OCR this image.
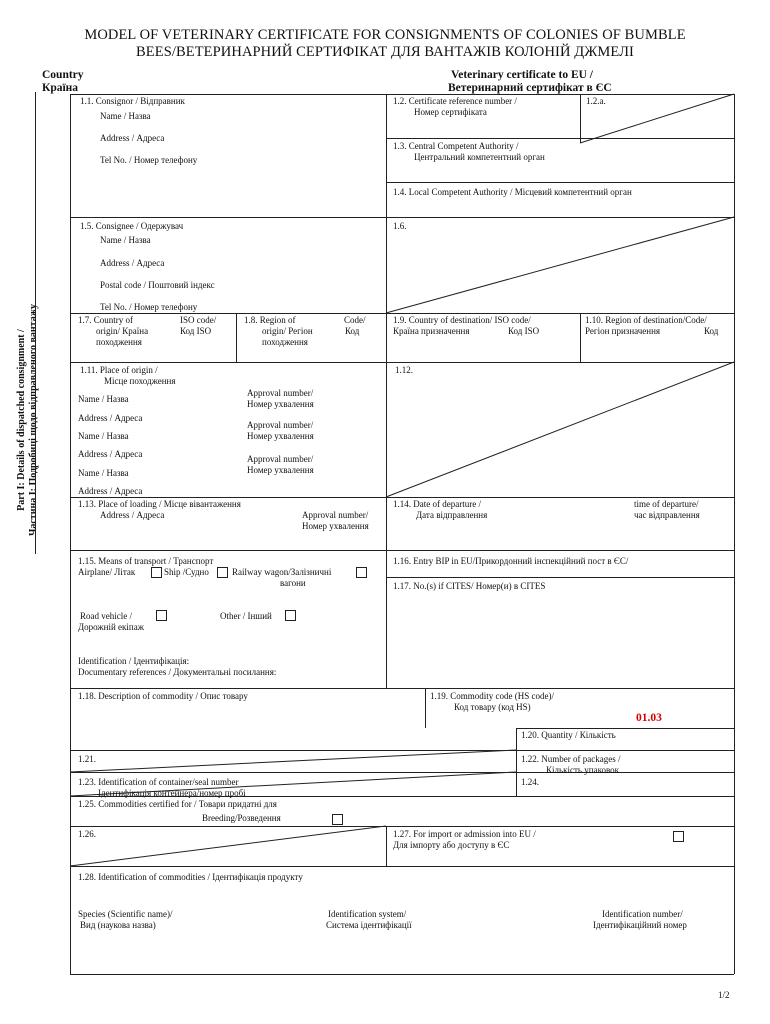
MODEL OF VETERINARY CERTIFICATE FOR CONSIGNMENTS OF COLONIES OF BUMBLE
BEES/ВЕТЕРИНАРНИЙ СЕРТИФІКАТ ДЛЯ ВАНТАЖІВ КОЛОНІЙ ДЖМЕЛІ
Country
Країна
Veterinary certificate to EU /
Ветеринарний сертифікат в ЄС
Part I: Details of dispatched consignment / Частина І: Подробиці щодо відправленого вантажу
1.1. Consignor / Відправник
Name / Назва
Address / Адреса
Tel No. / Номер телефону
1.2. Certificate reference number /
Номер сертифіката
1.2.a.
1.3. Central Competent Authority /
Центральний компетентний орган
1.4. Local Competent Authority / Місцевий компетентний орган
1.5. Consignee / Одержувач
Name / Назва
Address / Адреса
Postal code / Поштовий індекс
Tel No. / Номер телефону
1.6.
1.7. Country of
origin/ Країна
походження
ISO code/
Код ISO
1.8. Region of
origin/ Регіон
походження
Code/
Код
1.9. Country of destination/ ISO code/
Країна призначення	Код ISO
1.10. Region of destination/Code/
Регіон призначення	Код
1.11. Place of origin /
Місце походження
Name / Назва
Address / Адреса
Name / Назва
Address / Адреса
Name / Назва
Address / Адреса
Approval number/
Номер ухвалення
Approval number/
Номер ухвалення
Approval number/
Номер ухвалення
1.12.
1.13. Place of loading / Місце вівантаження
Address / Адреса	Approval number/
Номер ухвалення
1.14. Date of departure /
Дата відправлення
time of departure/
час відправлення
1.15. Means of transport / Транспорт
Airplane/ Літак	Ship /Судно	Railway wagon/Залізничні
вагони
Road vehicle /
Дорожній екіпаж
Other / Інший
Identification / Ідентифікація:
Documentary references / Документальні посилання:
1.16. Entry BIP in EU/Прикордонний інспекційний пост в ЄС/
1.17. No.(s) if CITES/ Номер(и) в CITES
1.18. Description of commodity / Опис товару	1.19. Commodity code (HS code)/
Код товару (код HS)
01.03
1.20. Quantity / Кількість
1.21.	1.22. Number of packages /
Кількість упаковок
1.23. Identification of container/seal number
Ідентифікація контейнера/номер пробі
1.24.
1.25. Commodities certified for / Товари придатні для
Breeding/Розведення
1.26.	1.27. For import or admission into EU /
Для імпорту або доступу в ЄС
1.28. Identification of commodities / Ідентифікація продукту
Species (Scientific name)/
Вид (наукова назва)
Identification system/
Система ідентифікації
Identification number/
Ідентифікаційний номер
1/2
